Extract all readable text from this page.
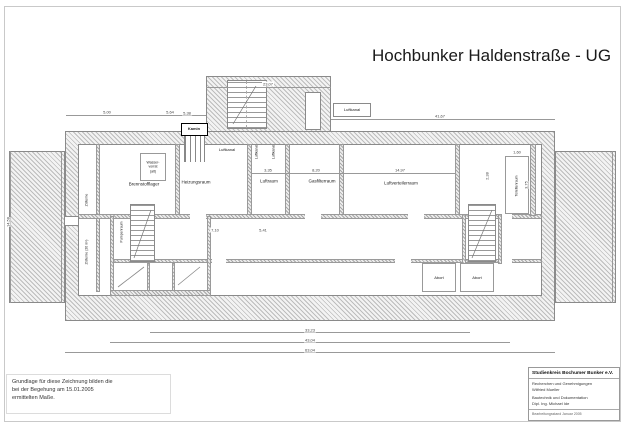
Hochbunker Haldenstraße - UG
Luftkanal
Kamin
Wasser-
vorrat
(alt)
Brennstofflager	Heizungsraum
Luftkanal	Luftkanal	Luftkanal
Luftraum	Gasfilterraum	Luftverteilerraum	Toilettenraum
Zisterne
Zisterne (20 m³)
Pumpenraum
Abort	Abort
5,00	5,64
23,07
41,67
5,38
33,23
43,04
63,04
14,58
3,35	8,20	14,97
1,60
3,75
7,10	5,41
2,38
Grundlage für diese Zeichnung bilden die
bei der Begehung am 15.01.2005
ermittelten Maße.
Studienkreis Bochumer Bunker e.V.
Recherchen und Genehmigungen
Wilfried Mueller
Bautechnik und Dokumentation
Dipl. Ing. Michael Ide
Bearbeitungsstand Januar 2005
